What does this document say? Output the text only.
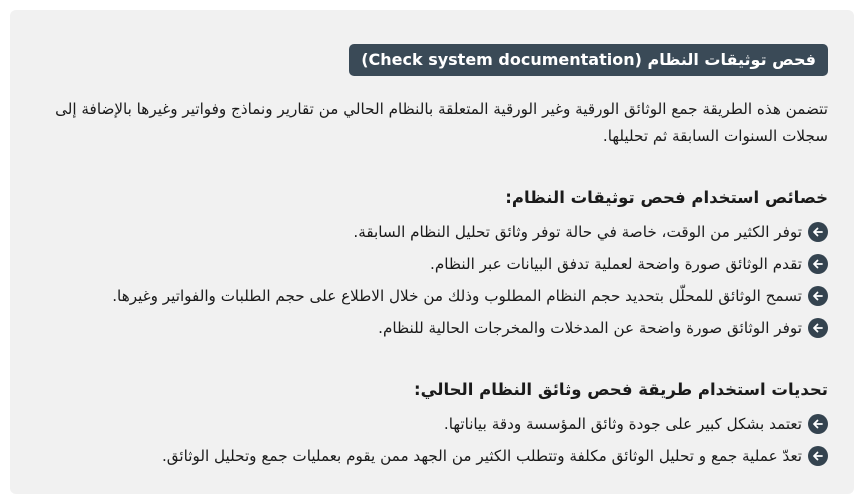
فحص توثيقات النظام (Check system documentation)

تتضمن هذه الطريقة جمع الوثائق الورقية وغير الورقية المتعلقة بالنظام الحالي من تقارير ونماذج وفواتير وغيرها بالإضافة إلى سجلات السنوات السابقة ثم تحليلها.

خصائص استخدام فحص توثيقات النظام:
توفر الكثير من الوقت، خاصة في حالة توفر وثائق تحليل النظام السابقة.
تقدم الوثائق صورة واضحة لعملية تدفق البيانات عبر النظام.
تسمح الوثائق للمحلّل بتحديد حجم النظام المطلوب وذلك من خلال الاطلاع على حجم الطلبات والفواتير وغيرها.
توفر الوثائق صورة واضحة عن المدخلات والمخرجات الحالية للنظام.
تحديات استخدام طريقة فحص وثائق النظام الحالي:
تعتمد بشكل كبير على جودة وثائق المؤسسة ودقة بياناتها.
تعدّ عملية جمع و تحليل الوثائق مكلفة وتتطلب الكثير من الجهد ممن يقوم بعمليات جمع وتحليل الوثائق.
